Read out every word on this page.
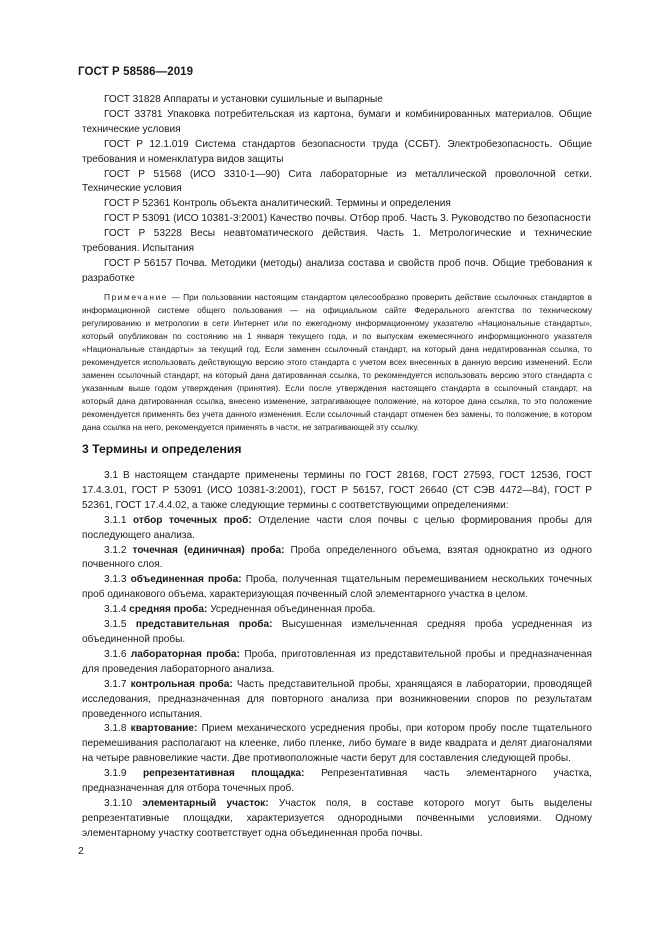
ГОСТ Р 58586—2019

ГОСТ 31828 Аппараты и установки сушильные и выпарные

ГОСТ 33781 Упаковка потребительская из картона, бумаги и комбинированных материалов. Общие технические условия

ГОСТ Р 12.1.019 Система стандартов безопасности труда (ССБТ). Электробезопасность. Общие требования и номенклатура видов защиты

ГОСТ Р 51568 (ИСО 3310-1—90) Сита лабораторные из металлической проволочной сетки. Технические условия

ГОСТ Р 52361 Контроль объекта аналитический. Термины и определения

ГОСТ Р 53091 (ИСО 10381-3:2001) Качество почвы. Отбор проб. Часть 3. Руководство по безопасности

ГОСТ Р 53228 Весы неавтоматического действия. Часть 1. Метрологические и технические требования. Испытания

ГОСТ Р 56157 Почва. Методики (методы) анализа состава и свойств проб почв. Общие требования к разработке

Примечание — При пользовании настоящим стандартом целесообразно проверить действие ссылочных стандартов в информационной системе общего пользования — на официальном сайте Федерального агентства по техническому регулированию и метрологии в сети Интернет или по ежегодному информационному указателю «Национальные стандарты», который опубликован по состоянию на 1 января текущего года, и по выпускам ежемесячного информационного указателя «Национальные стандарты» за текущий год. Если заменен ссылочный стандарт, на который дана недатированная ссылка, то рекомендуется использовать действующую версию этого стандарта с учетом всех внесенных в данную версию изменений. Если заменен ссылочный стандарт, на который дана датированная ссылка, то рекомендуется использовать версию этого стандарта с указанным выше годом утверждения (принятия). Если после утверждения настоящего стандарта в ссылочный стандарт, на который дана датированная ссылка, внесено изменение, затрагивающее положение, на которое дана ссылка, то это положение рекомендуется применять без учета данного изменения. Если ссылочный стандарт отменен без замены, то положение, в котором дана ссылка на него, рекомендуется применять в части, не затрагивающей эту ссылку.

3 Термины и определения

3.1 В настоящем стандарте применены термины по ГОСТ 28168, ГОСТ 27593, ГОСТ 12536, ГОСТ 17.4.3.01, ГОСТ Р 53091 (ИСО 10381-3:2001), ГОСТ Р 56157, ГОСТ 26640 (СТ СЭВ 4472—84), ГОСТ Р 52361, ГОСТ 17.4.4.02, а также следующие термины с соответствующими определениями:

3.1.1 отбор точечных проб: Отделение части слоя почвы с целью формирования пробы для последующего анализа.

3.1.2 точечная (единичная) проба: Проба определенного объема, взятая однократно из одного почвенного слоя.

3.1.3 объединенная проба: Проба, полученная тщательным перемешиванием нескольких точечных проб одинакового объема, характеризующая почвенный слой элементарного участка в целом.

3.1.4 средняя проба: Усредненная объединенная проба.

3.1.5 представительная проба: Высушенная измельченная средняя проба усредненная из объединенной пробы.

3.1.6 лабораторная проба: Проба, приготовленная из представительной пробы и предназначенная для проведения лабораторного анализа.

3.1.7 контрольная проба: Часть представительной пробы, хранящаяся в лаборатории, проводящей исследования, предназначенная для повторного анализа при возникновении споров по результатам проведенного испытания.

3.1.8 квартование: Прием механического усреднения пробы, при котором пробу после тщательного перемешивания располагают на клеенке, либо пленке, либо бумаге в виде квадрата и делят диагоналями на четыре равновеликие части. Две противоположные части берут для составления следующей пробы.

3.1.9 репрезентативная площадка: Репрезентативная часть элементарного участка, предназначенная для отбора точечных проб.

3.1.10 элементарный участок: Участок поля, в составе которого могут быть выделены репрезентативные площадки, характеризуется однородными почвенными условиями. Одному элементарному участку соответствует одна объединенная проба почвы.

2
